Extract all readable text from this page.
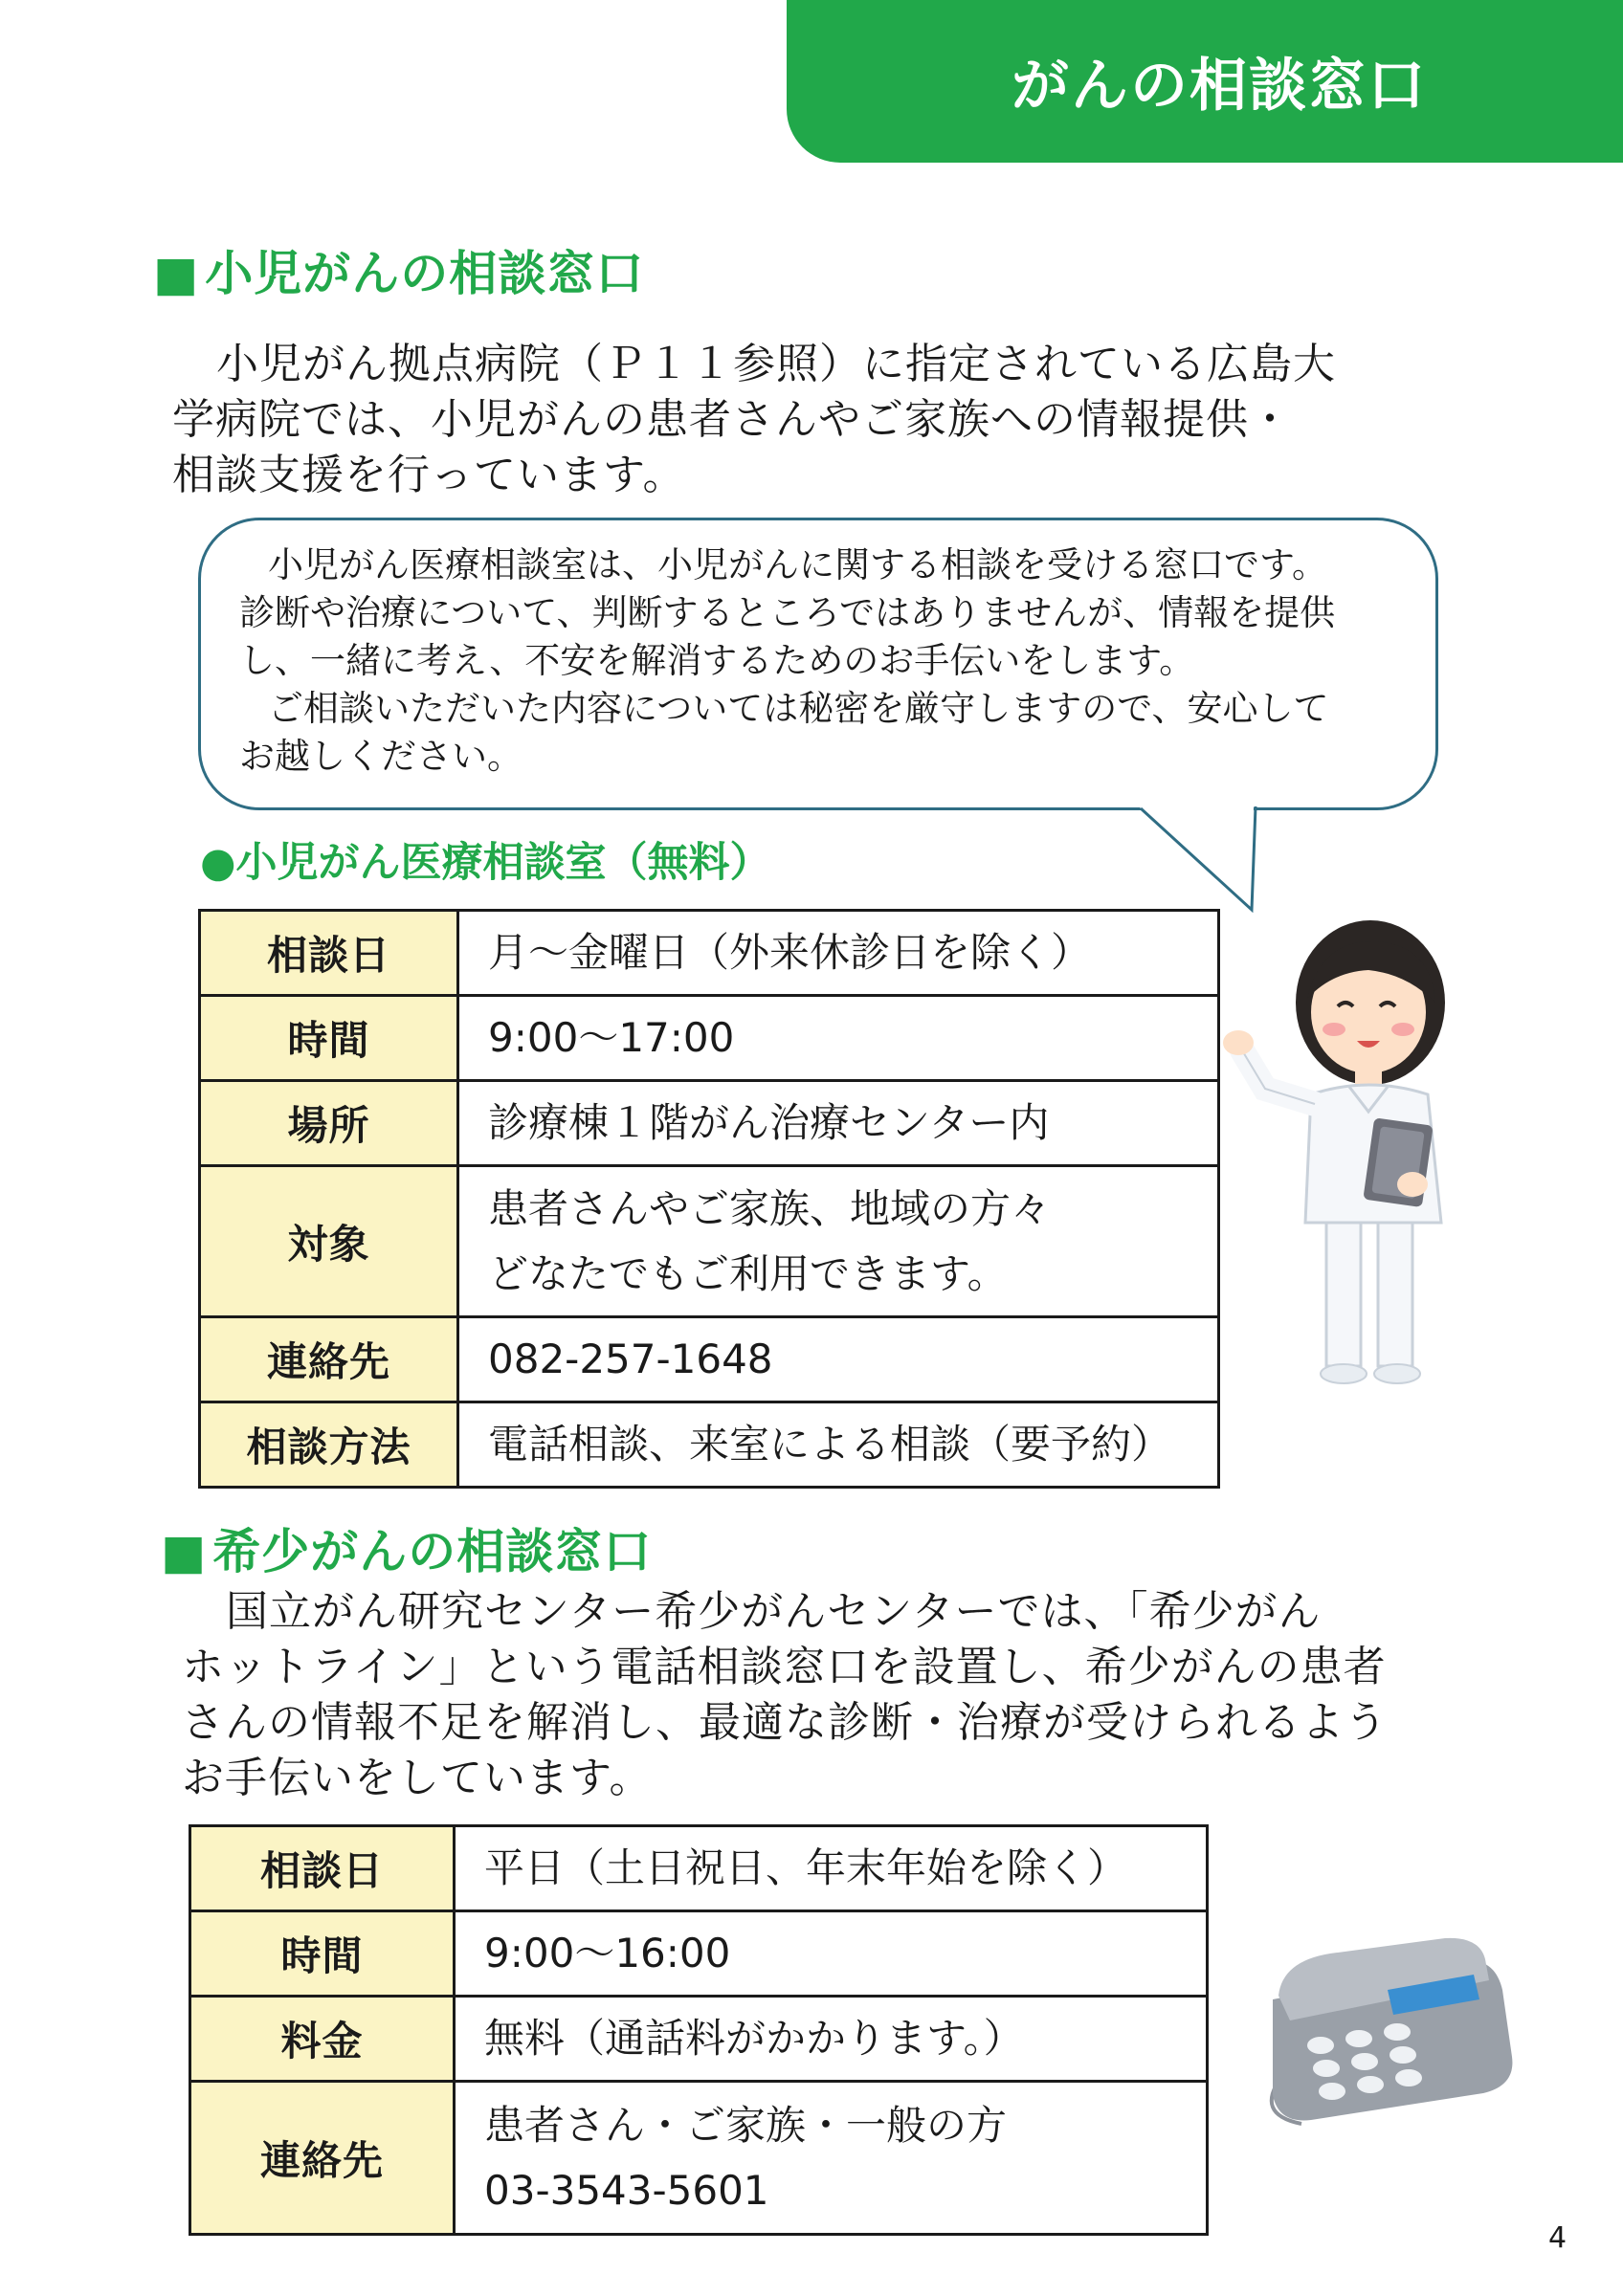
がんの相談窓口
■ 小児がんの相談窓口
小児がん拠点病院（Ｐ１１参照）に指定されている広島大
学病院では、小児がんの患者さんやご家族への情報提供・
相談支援を行っています。

小児がん医療相談室は、小児がんに関する相談を受ける窓口です。

診断や治療について、判断するところではありませんが、情報を提供

し、一緒に考え、不安を解消するためのお手伝いをします。

ご相談いただいた内容については秘密を厳守しますので、安心して

お越しください。

●小児がん医療相談室（無料）
相談日	月～金曜日（外来休診日を除く）

時間	9:00～17:00

場所	診療棟１階がん治療センター内

対象	患者さんやご家族、地域の方々
どなたでもご利用できます。

連絡先	082-257-1648

相談方法	電話相談、来室による相談（要予約）
■ 希少がんの相談窓口
国立がん研究センター希少がんセンターでは、「希少がん
ホットライン」という電話相談窓口を設置し、希少がんの患者
さんの情報不足を解消し、最適な診断・治療が受けられるよう
お手伝いをしています。
相談日	平日（土日祝日、年末年始を除く）

時間	9:00～16:00

料金	無料（通話料がかかります。）

連絡先	患者さん・ご家族・一般の方
03-3543-5601
4
